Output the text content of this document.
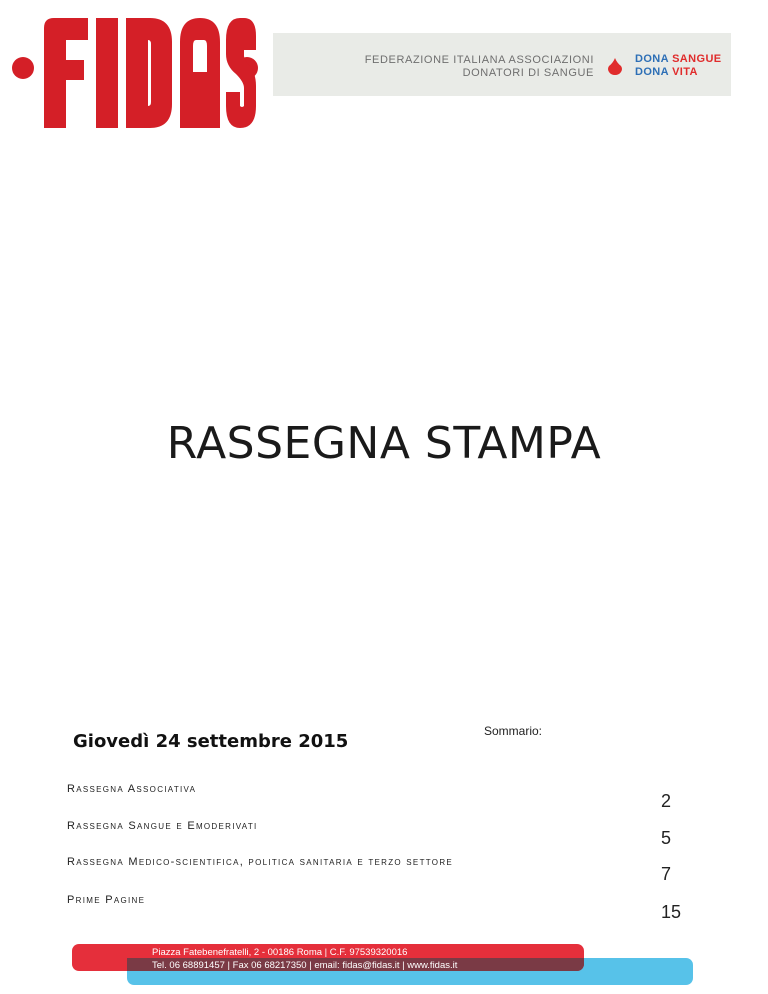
FEDERAZIONE ITALIANA ASSOCIAZIONI
DONATORI DI SANGUE
DONA SANGUE
DONA VITA
RASSEGNA STAMPA
Giovedì 24 settembre 2015	Sommario:
Rassegna Associativa
2
Rassegna Sangue e Emoderivati
5
Rassegna Medico-scientifica, politica sanitaria e terzo settore
7
Prime Pagine
15
Piazza Fatebenefratelli, 2 - 00186 Roma | C.F. 97539320016
Tel. 06 68891457 | Fax 06 68217350 | email: fidas@fidas.it | www.fidas.it
